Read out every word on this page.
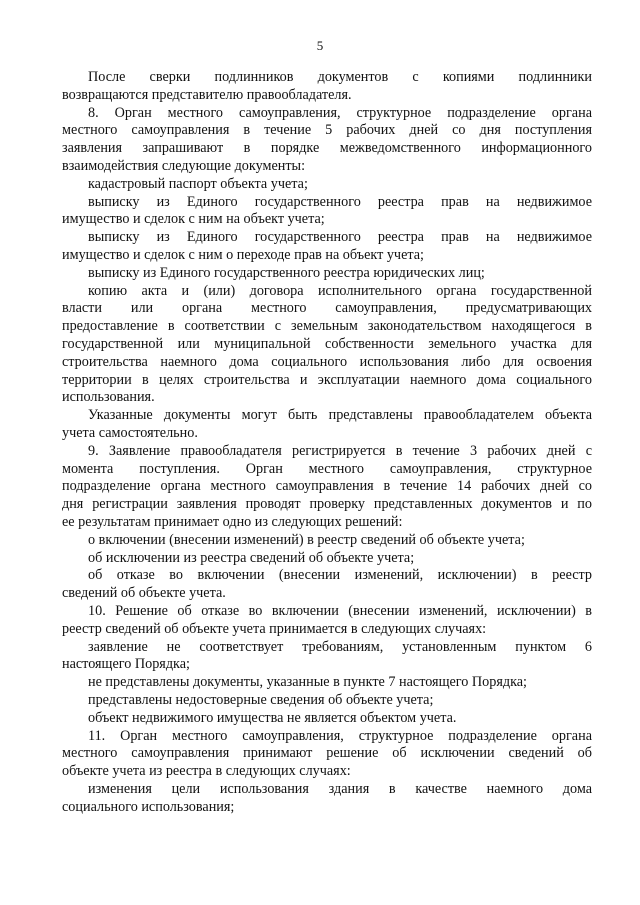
5
После сверки подлинников документов с копиями подлинники
возвращаются представителю правообладателя.
8. Орган местного самоуправления, структурное подразделение органа
местного самоуправления в течение 5 рабочих дней со дня поступления
заявления запрашивают в порядке межведомственного информационного
взаимодействия следующие документы:
кадастровый паспорт объекта учета;
выписку из Единого государственного реестра прав на недвижимое
имущество и сделок с ним на объект учета;
выписку из Единого государственного реестра прав на недвижимое
имущество и сделок с ним о переходе прав на объект учета;
выписку из Единого государственного реестра юридических лиц;
копию акта и (или) договора исполнительного органа государственной
власти или органа местного самоуправления, предусматривающих
предоставление в соответствии с земельным законодательством находящегося в
государственной или муниципальной собственности земельного участка для
строительства наемного дома социального использования либо для освоения
территории в целях строительства и эксплуатации наемного дома социального
использования.
Указанные документы могут быть представлены правообладателем объекта
учета самостоятельно.
9. Заявление правообладателя регистрируется в течение 3 рабочих дней с
момента поступления. Орган местного самоуправления, структурное
подразделение органа местного самоуправления в течение 14 рабочих дней со
дня регистрации заявления проводят проверку представленных документов и по
ее результатам принимает одно из следующих решений:
о включении (внесении изменений) в реестр сведений об объекте учета;
об исключении из реестра сведений об объекте учета;
об отказе во включении (внесении изменений, исключении) в реестр
сведений об объекте учета.
10. Решение об отказе во включении (внесении изменений, исключении) в
реестр сведений об объекте учета принимается в следующих случаях:
заявление не соответствует требованиям, установленным пунктом 6
настоящего Порядка;
не представлены документы, указанные в пункте 7 настоящего Порядка;
представлены недостоверные сведения об объекте учета;
объект недвижимого имущества не является объектом учета.
11. Орган местного самоуправления, структурное подразделение органа
местного самоуправления принимают решение об исключении сведений об
объекте учета из реестра в следующих случаях:
изменения цели использования здания в качестве наемного дома
социального использования;
